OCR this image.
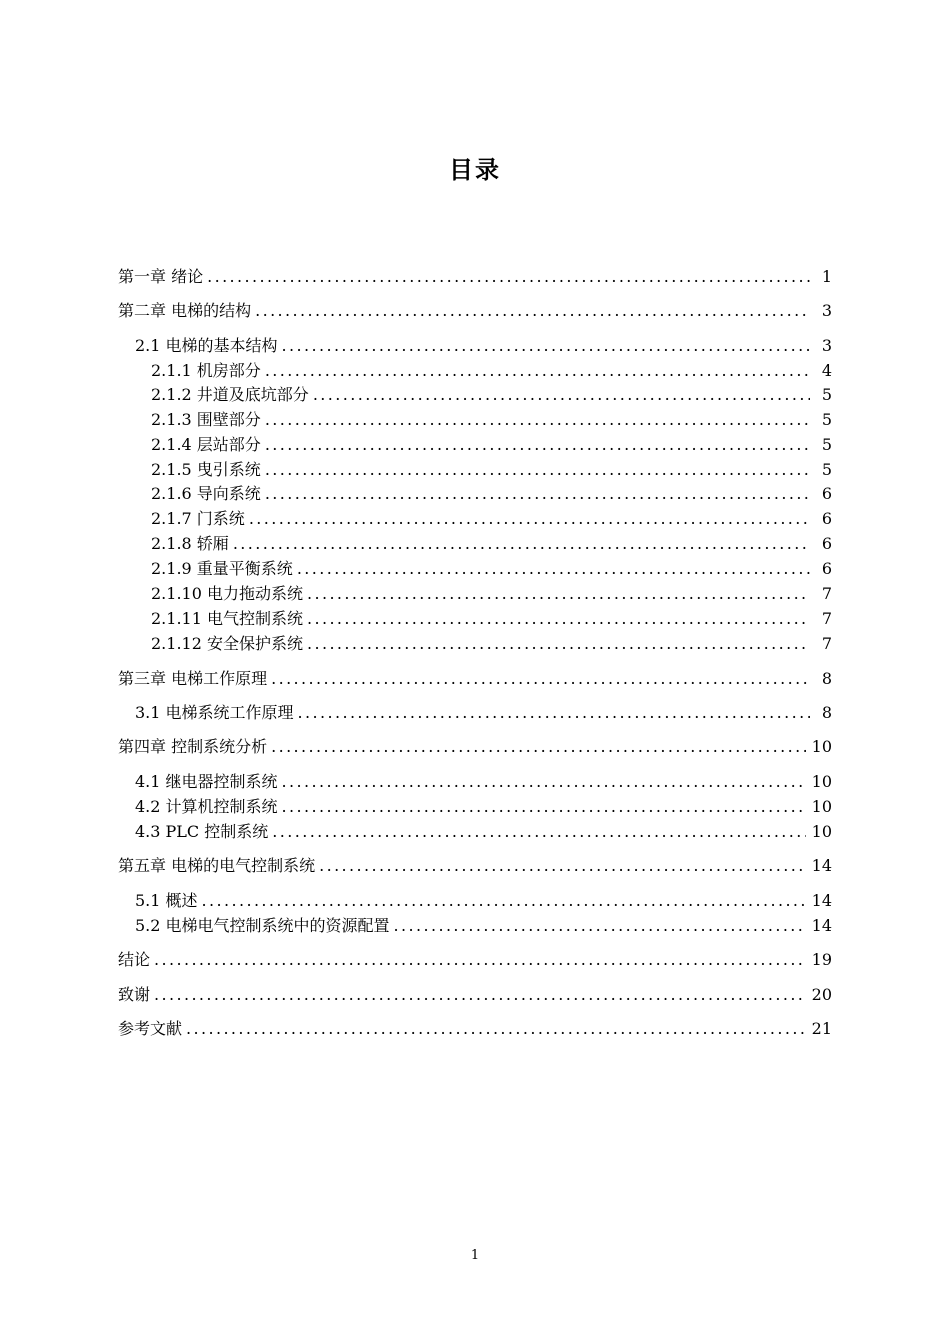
目录
第一章 绪论 .....	1
第二章 电梯的结构 .....	3
2.1 电梯的基本结构 .....	3
2.1.1 机房部分 .....	4
2.1.2 井道及底坑部分 .....	5
2.1.3 围壁部分 .....	5
2.1.4 层站部分 .....	5
2.1.5 曳引系统 .....	5
2.1.6 导向系统 .....	6
2.1.7 门系统 .....	6
2.1.8 轿厢 .....	6
2.1.9 重量平衡系统 .....	6
2.1.10 电力拖动系统 .....	7
2.1.11 电气控制系统 .....	7
2.1.12 安全保护系统 .....	7
第三章 电梯工作原理 .....	8
3.1 电梯系统工作原理 .....	8
第四章 控制系统分析 .....	10
4.1 继电器控制系统 .....	10
4.2 计算机控制系统 .....	10
4.3 PLC 控制系统 .....	10
第五章 电梯的电气控制系统 .....	14
5.1 概述 .....	14
5.2 电梯电气控制系统中的资源配置 .....	14
结论 .....	19
致谢 .....	20
参考文献 .....	21
1
